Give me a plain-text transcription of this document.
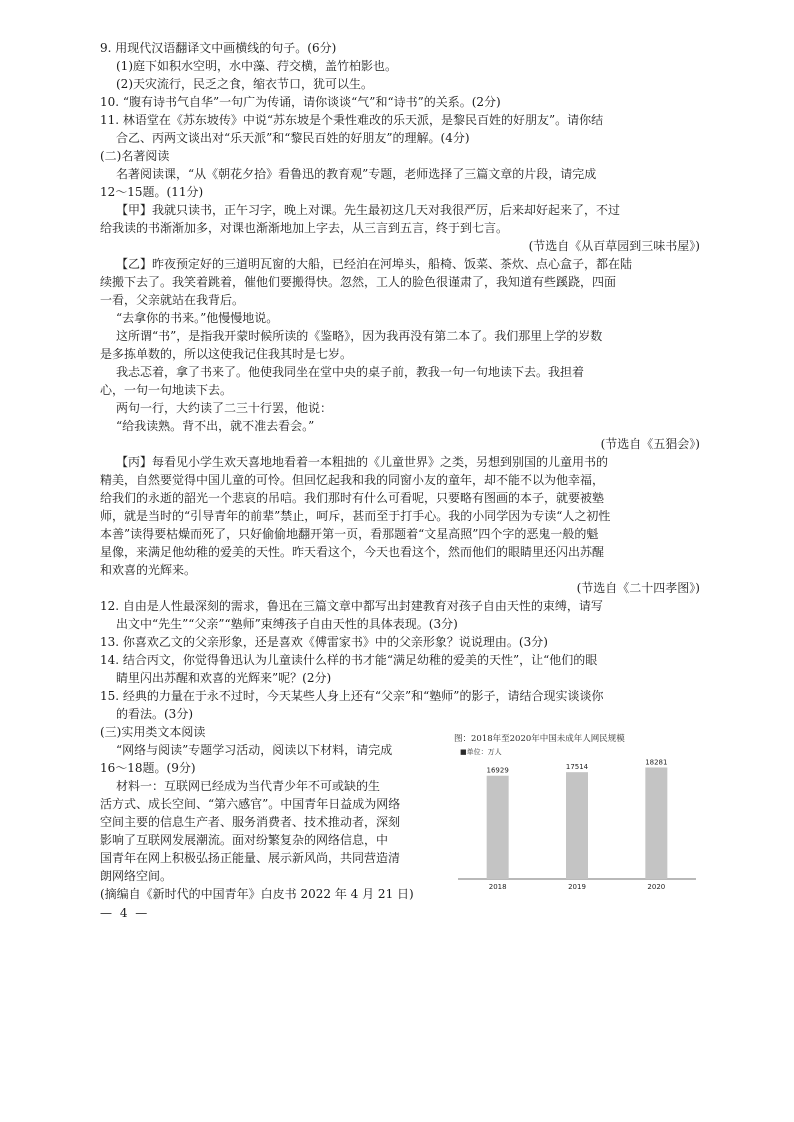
9. 用现代汉语翻译文中画横线的句子。(6分)
(1)庭下如积水空明，水中藻、荇交横，盖竹柏影也。
(2)天灾流行，民乏之食，缩衣节口，犹可以生。
10. “腹有诗书气自华”一句广为传诵，请你谈谈“气”和“诗书”的关系。(2分)
11. 林语堂在《苏东坡传》中说“苏东坡是个秉性难改的乐天派，是黎民百姓的好朋友”。请你结
合乙、丙两文谈出对“乐天派”和“黎民百姓的好朋友”的理解。(4分)
(二)名著阅读
名著阅读课，“从《朝花夕拾》看鲁迅的教育观”专题，老师选择了三篇文章的片段，请完成
12～15题。(11分)
【甲】我就只读书，正午习字，晚上对课。先生最初这几天对我很严厉，后来却好起来了，不过
给我读的书渐渐加多，对课也渐渐地加上字去，从三言到五言，终于到七言。
(节选自《从百草园到三味书屋》)
【乙】昨夜预定好的三道明瓦窗的大船，已经泊在河埠头，船椅、饭菜、茶炊、点心盒子，都在陆
续搬下去了。我笑着跳着，催他们要搬得快。忽然，工人的脸色很谨肃了，我知道有些蹊跷，四面
一看，父亲就站在我背后。
“去拿你的书来。”他慢慢地说。
这所谓“书”，是指我开蒙时候所读的《鉴略》，因为我再没有第二本了。我们那里上学的岁数
是多拣单数的，所以这使我记住我其时是七岁。
我忐忑着，拿了书来了。他使我同坐在堂中央的桌子前，教我一句一句地读下去。我担着
心，一句一句地读下去。
两句一行，大约读了二三十行罢，他说：
“给我读熟。背不出，就不准去看会。”
(节选自《五猖会》)
【丙】每看见小学生欢天喜地地看着一本粗拙的《儿童世界》之类，另想到别国的儿童用书的
精美，自然要觉得中国儿童的可怜。但回忆起我和我的同窗小友的童年，却不能不以为他幸福，
给我们的永逝的韶光一个悲哀的吊唁。我们那时有什么可看呢，只要略有图画的本子，就要被塾
师，就是当时的“引导青年的前辈”禁止，呵斥，甚而至于打手心。我的小同学因为专读“人之初性
本善”读得要枯燥而死了，只好偷偷地翻开第一页，看那题着“文星高照”四个字的恶鬼一般的魁
星像，来满足他幼稚的爱美的天性。昨天看这个，今天也看这个，然而他们的眼睛里还闪出苏醒
和欢喜的光辉来。
(节选自《二十四孝图》)
12. 自由是人性最深刻的需求，鲁迅在三篇文章中都写出封建教育对孩子自由天性的束缚，请写
出文中“先生”“父亲”“塾师”束缚孩子自由天性的具体表现。(3分)
13. 你喜欢乙文的父亲形象，还是喜欢《傅雷家书》中的父亲形象？说说理由。(3分)
14. 结合丙文，你觉得鲁迅认为儿童读什么样的书才能“满足幼稚的爱美的天性”，让“他们的眼
睛里闪出苏醒和欢喜的光辉来”呢？(2分)
15. 经典的力量在于永不过时，今天某些人身上还有“父亲”和“塾师”的影子，请结合现实谈谈你
的看法。(3分)
(三)实用类文本阅读
“网络与阅读”专题学习活动，阅读以下材料，请完成
16～18题。(9分)
材料一：互联网已经成为当代青少年不可或缺的生
活方式、成长空间、“第六感官”。中国青年日益成为网络
空间主要的信息生产者、服务消费者、技术推动者，深刻
影响了互联网发展潮流。面对纷繁复杂的网络信息，中
国青年在网上积极弘扬正能量、展示新风尚，共同营造清
朗网络空间。
(摘编自《新时代的中国青年》白皮书 2022 年 4 月 21 日)
16929
2018
17514
2019
18281
2020
图：2018年至2020年中国未成年人网民规模
■单位：万人
— 4 —
